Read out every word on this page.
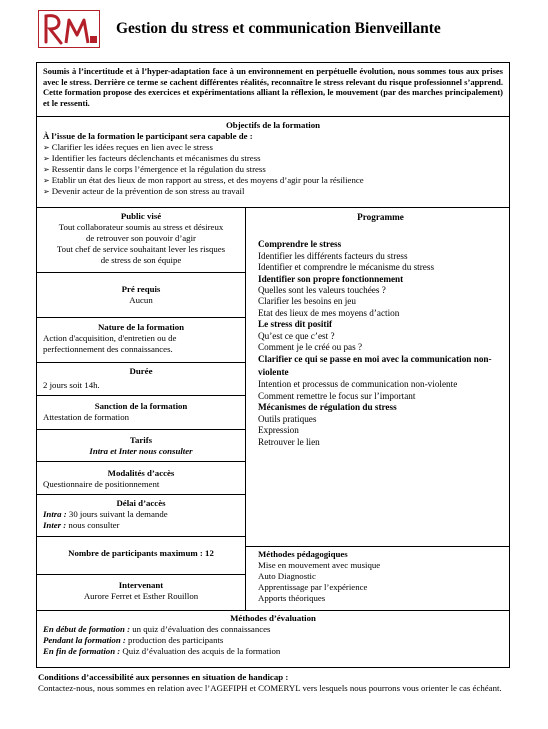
Gestion du stress et communication Bienveillante
Soumis à l’incertitude et à l’hyper-adaptation face à un environnement en perpétuelle évolution, nous sommes tous aux prises avec le stress. Derrière ce terme se cachent différentes réalités, reconnaître le stress relevant du risque professionnel s’apprend. Cette formation propose des exercices et expérimentations alliant la réflexion, le mouvement (par des marches principalement) et le ressenti.
Objectifs de la formation
À l’issue de la formation le participant sera capable de :
➢ Clarifier les idées reçues en lien avec le stress
➢ Identifier les facteurs déclenchants et mécanismes du stress
➢ Ressentir dans le corps l’émergence et la régulation du stress
➢ Etablir un état des lieux de mon rapport au stress, et des moyens d’agir pour la résilience
➢ Devenir acteur de la prévention de son stress au travail
Public visé
Tout collaborateur soumis au stress et désireux
de retrouver son pouvoir d’agir
Tout chef de service souhaitant lever les risques
de stress de son équipe
Pré requis
Aucun
Nature de la formation
Action d'acquisition, d'entretien ou de
perfectionnement des connaissances.
Durée
2 jours soit 14h.
Sanction de la formation
Attestation de formation
Tarifs
Intra et Inter nous consulter
Modalités d’accès
Questionnaire de positionnement
Délai d’accès
Intra : 30 jours suivant la demande
Inter : nous consulter
Nombre de participants maximum : 12
Intervenant
Aurore Ferret et Esther Rouillon
Programme
Comprendre le stress
Identifier les différents facteurs du stress
Identifier et comprendre le mécanisme du stress
Identifier son propre fonctionnement
Quelles sont les valeurs touchées ?
Clarifier les besoins en jeu
Etat des lieux de mes moyens d’action
Le stress dit positif
Qu’est ce que c’est ?
Comment je le créé ou pas ?
Clarifier ce qui se passe en moi avec la communication non-violente
Intention et processus de communication non-violente
Comment remettre le focus sur l’important
Mécanismes de régulation du stress
Outils pratiques
Expression
Retrouver le lien
Méthodes pédagogiques
Mise en mouvement avec musique
Auto Diagnostic
Apprentissage par l’expérience
Apports théoriques
Méthodes d’évaluation
En début de formation : un quiz d’évaluation des connaissances
Pendant la formation : production des participants
En fin de formation : Quiz d’évaluation des acquis de la formation
Conditions d’accessibilité aux personnes en situation de handicap :
Contactez-nous, nous sommes en relation avec l’AGEFIPH et COMERYL vers lesquels nous pourrons vous orienter le cas échéant.
